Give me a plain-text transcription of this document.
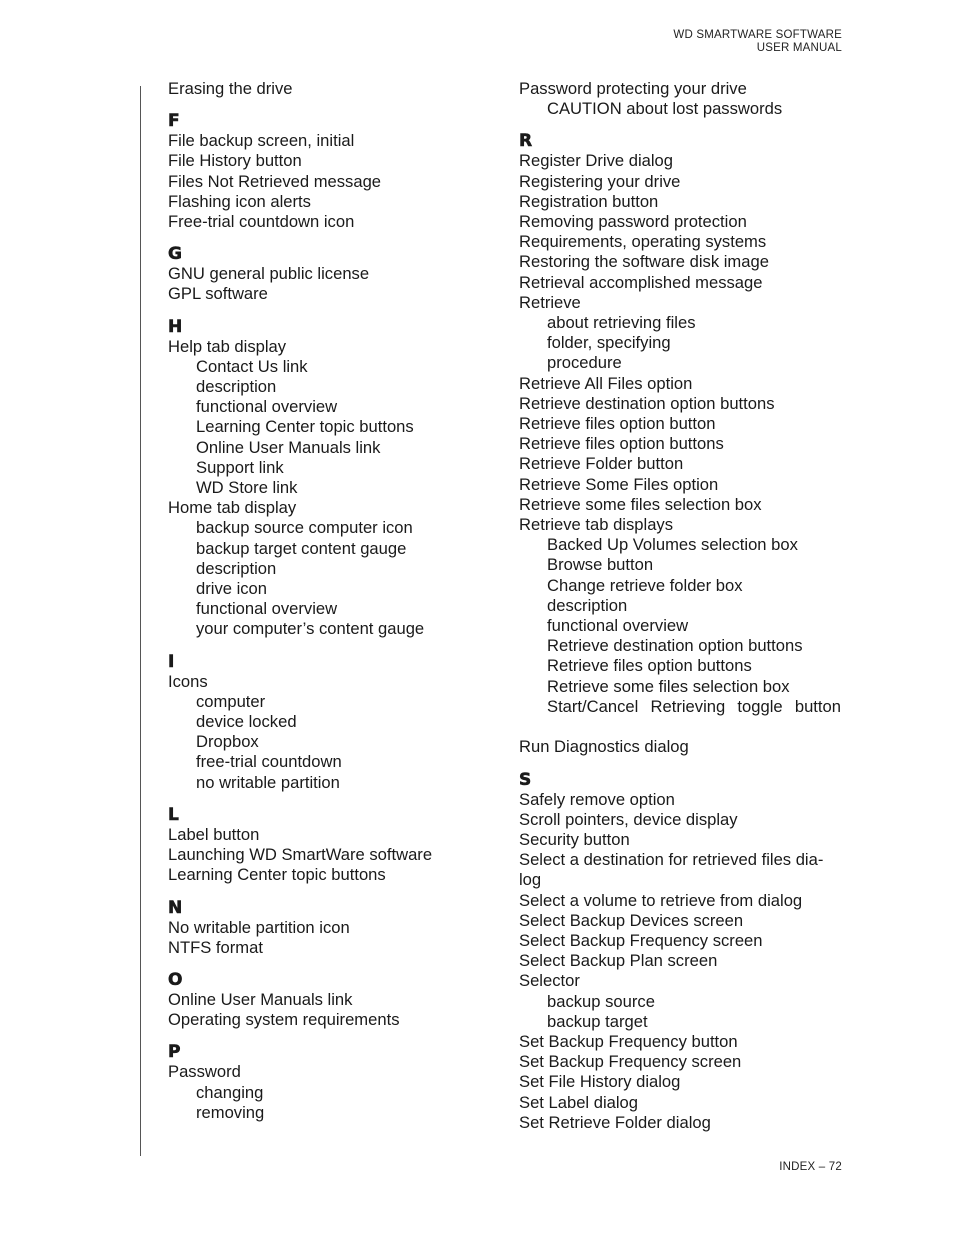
WD SMARTWARE SOFTWARE
USER MANUAL
Erasing the drive
F
File backup screen, initial
File History button
Files Not Retrieved message
Flashing icon alerts
Free-trial countdown icon
G
GNU general public license
GPL software
H
Help tab display
Contact Us link
description
functional overview
Learning Center topic buttons
Online User Manuals link
Support link
WD Store link
Home tab display
backup source computer icon
backup target content gauge
description
drive icon
functional overview
your computer’s content gauge
I
Icons
computer
device locked
Dropbox
free-trial countdown
no writable partition
L
Label button
Launching WD SmartWare software
Learning Center topic buttons
N
No writable partition icon
NTFS format
O
Online User Manuals link
Operating system requirements
P
Password
changing
removing
Password protecting your drive
CAUTION about lost passwords
R
Register Drive dialog
Registering your drive
Registration button
Removing password protection
Requirements, operating systems
Restoring the software disk image
Retrieval accomplished message
Retrieve
about retrieving files
folder, specifying
procedure
Retrieve All Files option
Retrieve destination option buttons
Retrieve files option button
Retrieve files option buttons
Retrieve Folder button
Retrieve Some Files option
Retrieve some files selection box
Retrieve tab displays
Backed Up Volumes selection box
Browse button
Change retrieve folder box
description
functional overview
Retrieve destination option buttons
Retrieve files option buttons
Retrieve some files selection box
Start/Cancel Retrieving toggle button

Run Diagnostics dialog
S
Safely remove option
Scroll pointers, device display
Security button
Select a destination for retrieved files dia-
log
Select a volume to retrieve from dialog
Select Backup Devices screen
Select Backup Frequency screen
Select Backup Plan screen
Selector
backup source
backup target
Set Backup Frequency button
Set Backup Frequency screen
Set File History dialog
Set Label dialog
Set Retrieve Folder dialog
INDEX – 72
